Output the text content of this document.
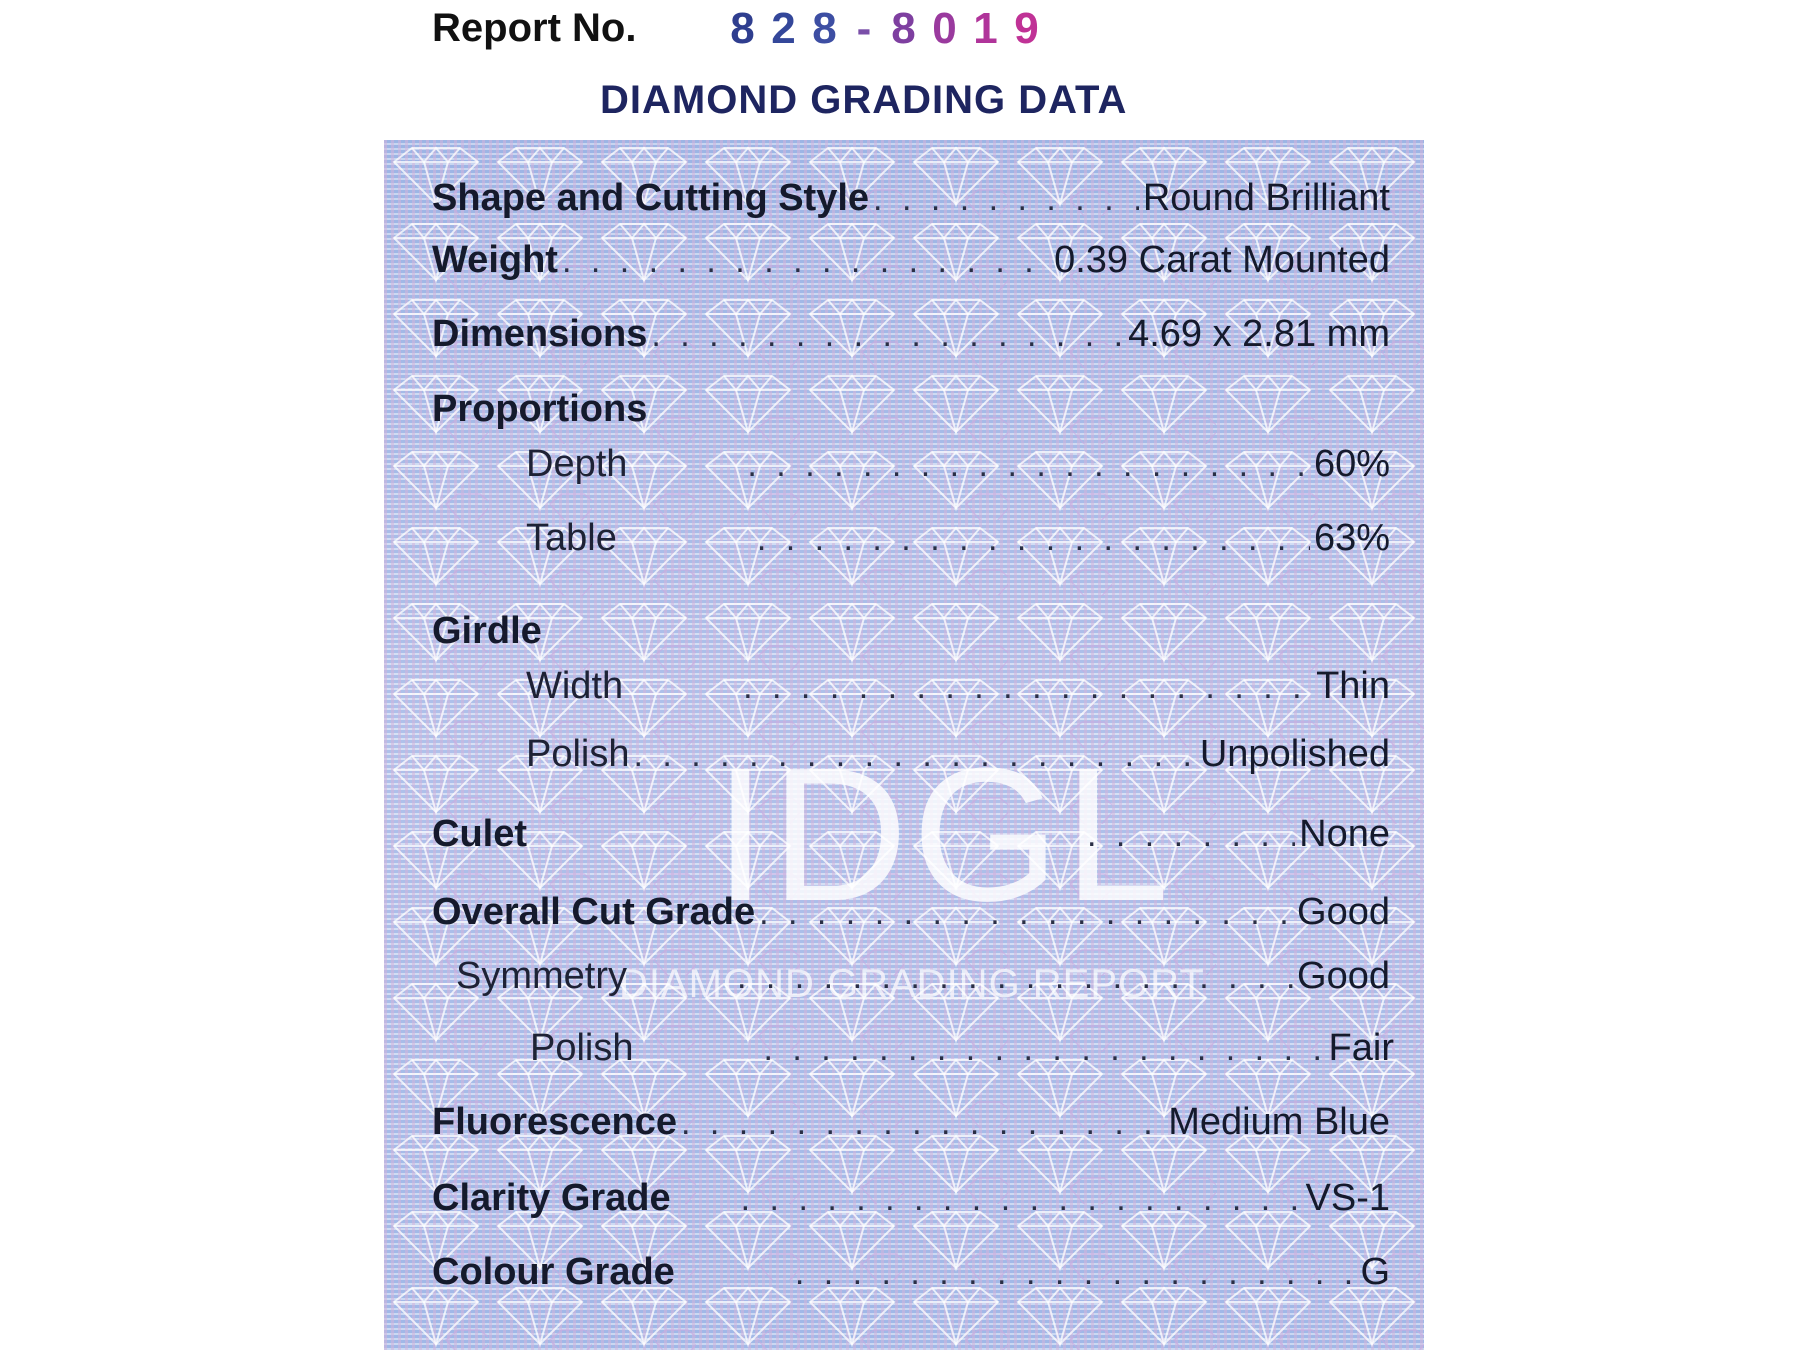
Report No. 8 2 8 - 8 0 1 9
DIAMOND GRADING DATA
IDGL
DIAMOND GRADING REPORT
Shape and Cutting Style . . .	Round Brilliant
Weight . . .	0.39 Carat Mounted
Dimensions . . .	4.69 x 2.81 mm
Proportions
Depth . . .	60%
Table . . .	63%
Girdle
Width . . .	Thin
Polish . . .	Unpolished
Culet . . .	None
Overall Cut Grade . . .	Good
Symmetry . . .	Good
Polish . . .	Fair
Fluorescence . . .	Medium Blue
Clarity Grade . . .	VS-1
Colour Grade . . .	G
